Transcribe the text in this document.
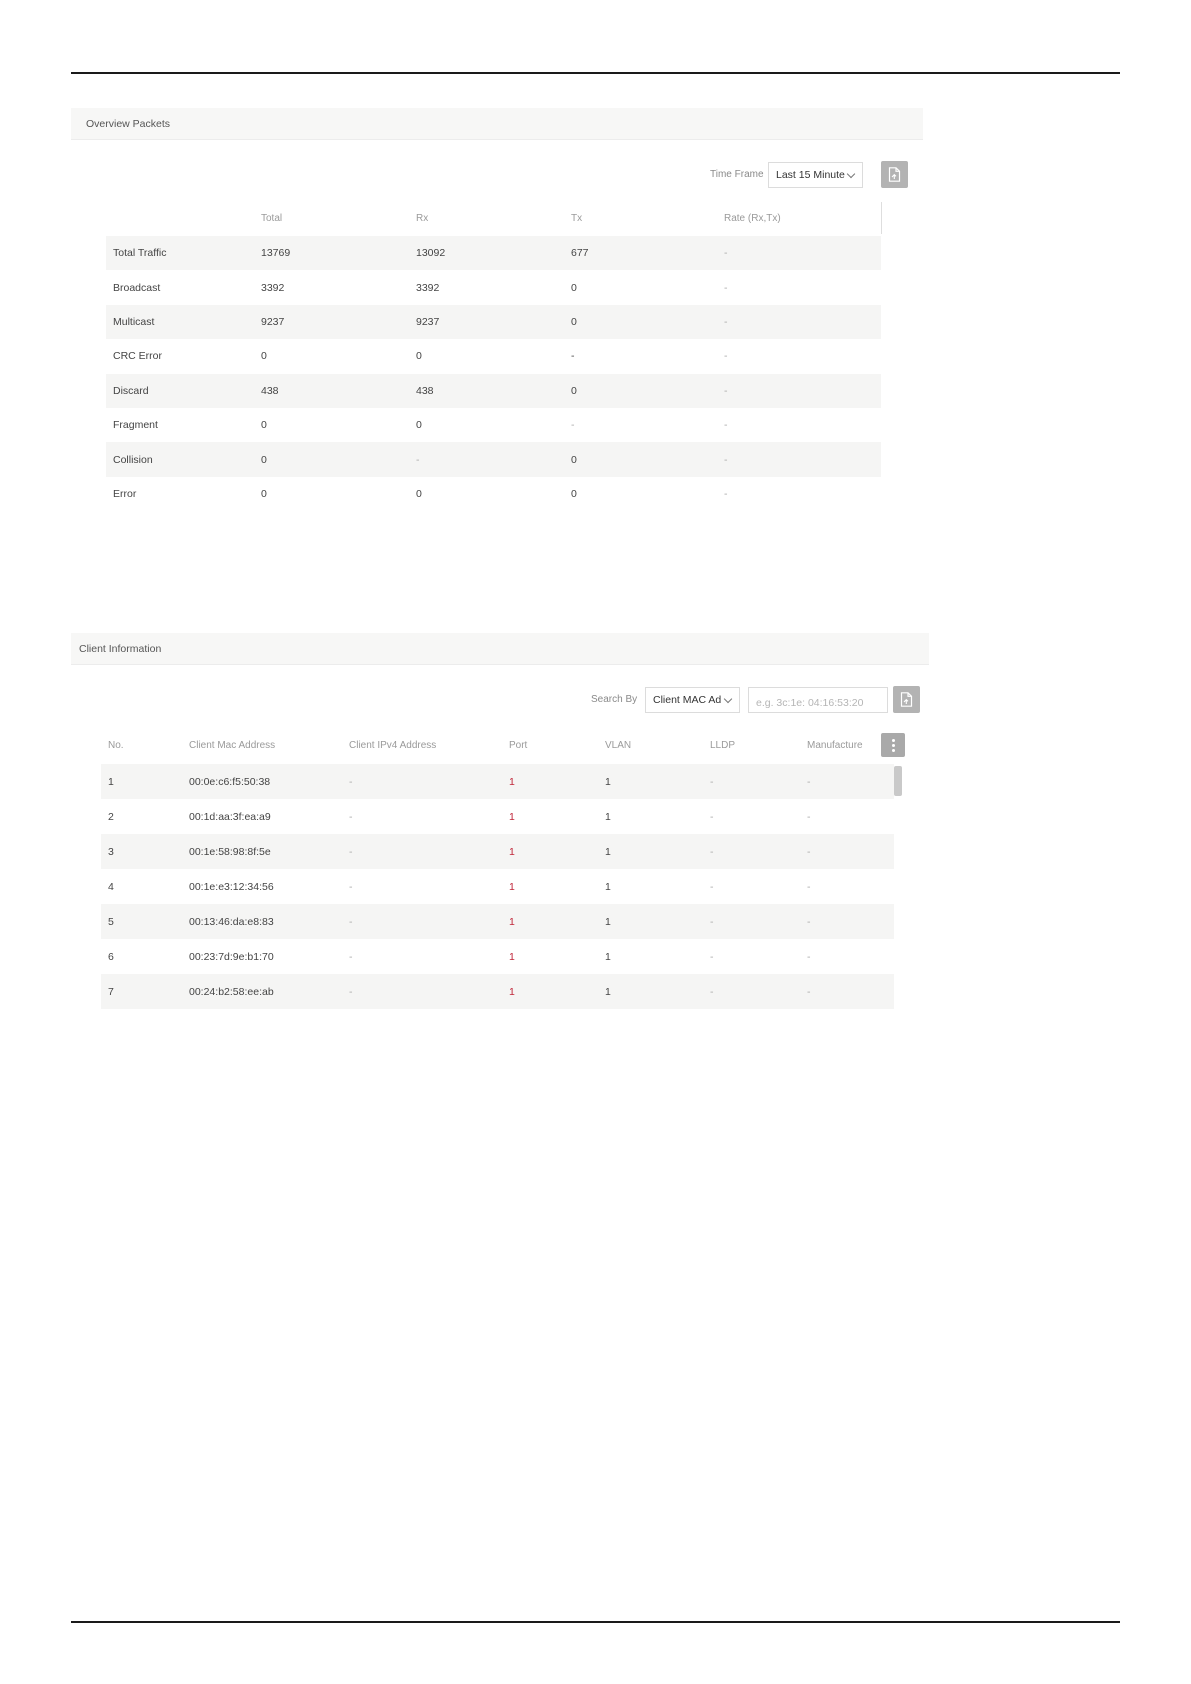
Overview Packets
Time Frame	Last 15 Minute
	Total	Rx	Tx	Rate (Rx,Tx)
Total Traffic	13769	13092	677	-
Broadcast	3392	3392	0	-
Multicast	9237	9237	0	-
CRC Error	0	0	-	-
Discard	438	438	0	-
Fragment	0	0	-	-
Collision	0	-	0	-
Error	0	0	0	-
Client Information
Search By	Client MAC Ad
e.g. 3c:1e: 04:16:53:20
No.	Client Mac Address	Client IPv4 Address	Port	VLAN	LLDP	Manufacture
1	00:0e:c6:f5:50:38	-	1	1	-	-
2	00:1d:aa:3f:ea:a9	-	1	1	-	-
3	00:1e:58:98:8f:5e	-	1	1	-	-
4	00:1e:e3:12:34:56	-	1	1	-	-
5	00:13:46:da:e8:83	-	1	1	-	-
6	00:23:7d:9e:b1:70	-	1	1	-	-
7	00:24:b2:58:ee:ab	-	1	1	-	-
